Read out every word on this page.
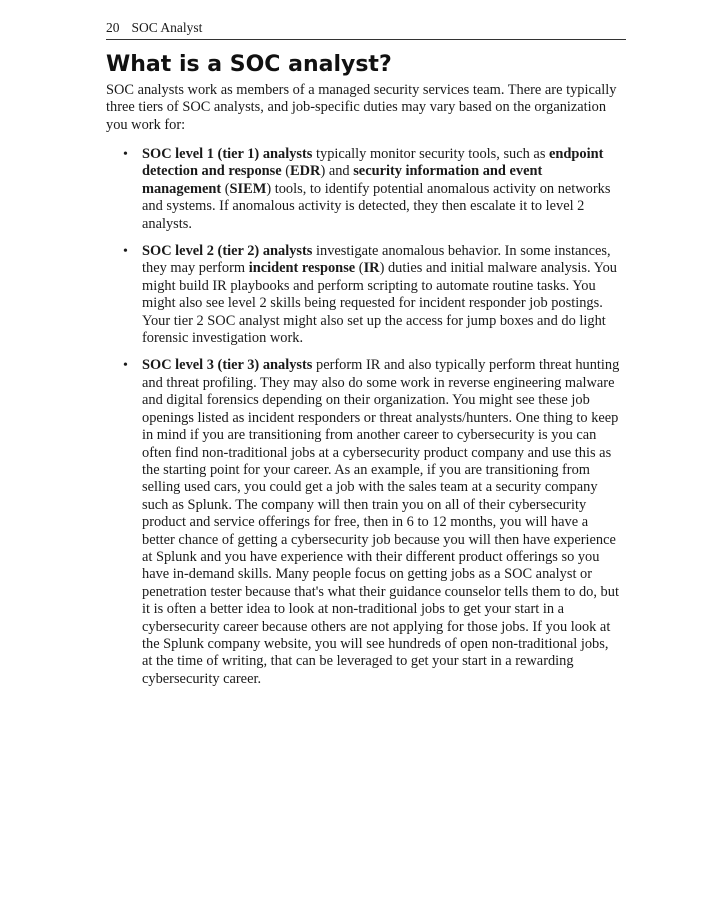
20 SOC Analyst
What is a SOC analyst?

SOC analysts work as members of a managed security services team. There are typically three tiers of SOC analysts, and job-specific duties may vary based on the organization you work for:

• SOC level 1 (tier 1) analysts typically monitor security tools, such as endpoint detection and response (EDR) and security information and event management (SIEM) tools, to identify potential anomalous activity on networks and systems. If anomalous activity is detected, they then escalate it to level 2 analysts.
• SOC level 2 (tier 2) analysts investigate anomalous behavior. In some instances, they may perform incident response (IR) duties and initial malware analysis. You might build IR playbooks and perform scripting to automate routine tasks. You might also see level 2 skills being requested for incident responder job postings. Your tier 2 SOC analyst might also set up the access for jump boxes and do light forensic investigation work.
• SOC level 3 (tier 3) analysts perform IR and also typically perform threat hunting and threat profiling. They may also do some work in reverse engineering malware and digital forensics depending on their organization. You might see these job openings listed as incident responders or threat analysts/hunters. One thing to keep in mind if you are transitioning from another career to cybersecurity is you can often find non-traditional jobs at a cybersecurity product company and use this as the starting point for your career. As an example, if you are transitioning from selling used cars, you could get a job with the sales team at a security company such as Splunk. The company will then train you on all of their cybersecurity product and service offerings for free, then in 6 to 12 months, you will have a better chance of getting a cybersecurity job because you will then have experience at Splunk and you have experience with their different product offerings so you have in-demand skills. Many people focus on getting jobs as a SOC analyst or penetration tester because that's what their guidance counselor tells them to do, but it is often a better idea to look at non-traditional jobs to get your start in a cybersecurity career because others are not applying for those jobs. If you look at the Splunk company website, you will see hundreds of open non-traditional jobs, at the time of writing, that can be leveraged to get your start in a rewarding cybersecurity career.
